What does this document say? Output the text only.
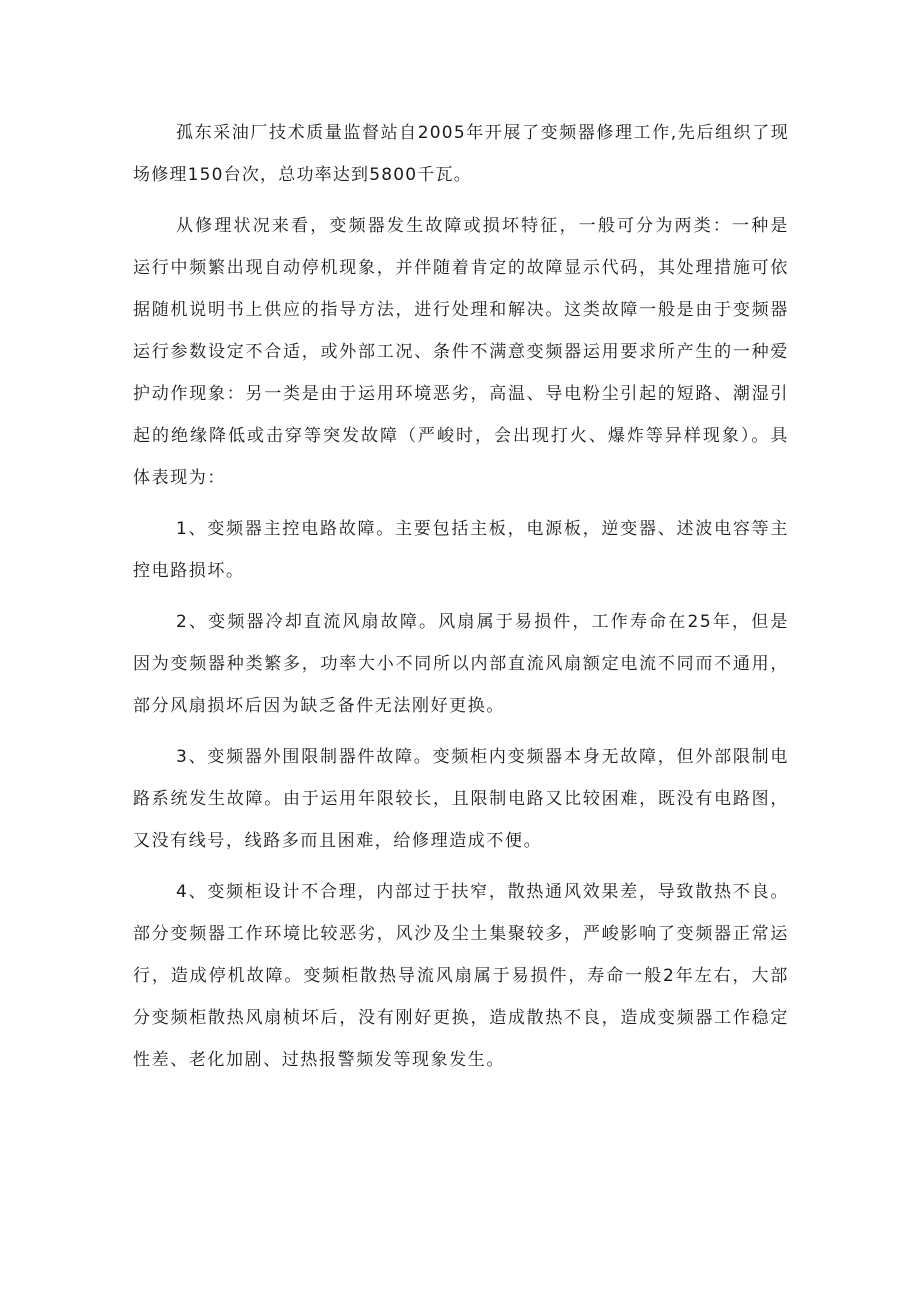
孤东采油厂技术质量监督站自2005年开展了变频器修理工作,先后组织了现场修理150台次，总功率达到5800千瓦。

从修理状况来看，变频器发生故障或损坏特征，一般可分为两类：一种是运行中频繁出现自动停机现象，并伴随着肯定的故障显示代码，其处理措施可依据随机说明书上供应的指导方法，进行处理和解决。这类故障一般是由于变频器运行参数设定不合适，或外部工况、条件不满意变频器运用要求所产生的一种爱护动作现象：另一类是由于运用环境恶劣，高温、导电粉尘引起的短路、潮湿引起的绝缘降低或击穿等突发故障（严峻时，会出现打火、爆炸等异样现象）。具体表现为：

1、变频器主控电路故障。主要包括主板，电源板，逆变器、述波电容等主控电路损坏。

2、变频器冷却直流风扇故障。风扇属于易损件，工作寿命在25年，但是因为变频器种类繁多，功率大小不同所以内部直流风扇额定电流不同而不通用，部分风扇损坏后因为缺乏备件无法刚好更换。

3、变频器外围限制器件故障。变频柜内变频器本身无故障，但外部限制电路系统发生故障。由于运用年限较长，且限制电路又比较困难，既没有电路图，又没有线号，线路多而且困难，给修理造成不便。

4、变频柜设计不合理，内部过于扶窄，散热通风效果差，导致散热不良。部分变频器工作环境比较恶劣，风沙及尘土集聚较多，严峻影响了变频器正常运行，造成停机故障。变频柜散热导流风扇属于易损件，寿命一般2年左右，大部分变频柜散热风扇桢坏后，没有刚好更换，造成散热不良，造成变频器工作稳定性差、老化加剧、过热报警频发等现象发生。
